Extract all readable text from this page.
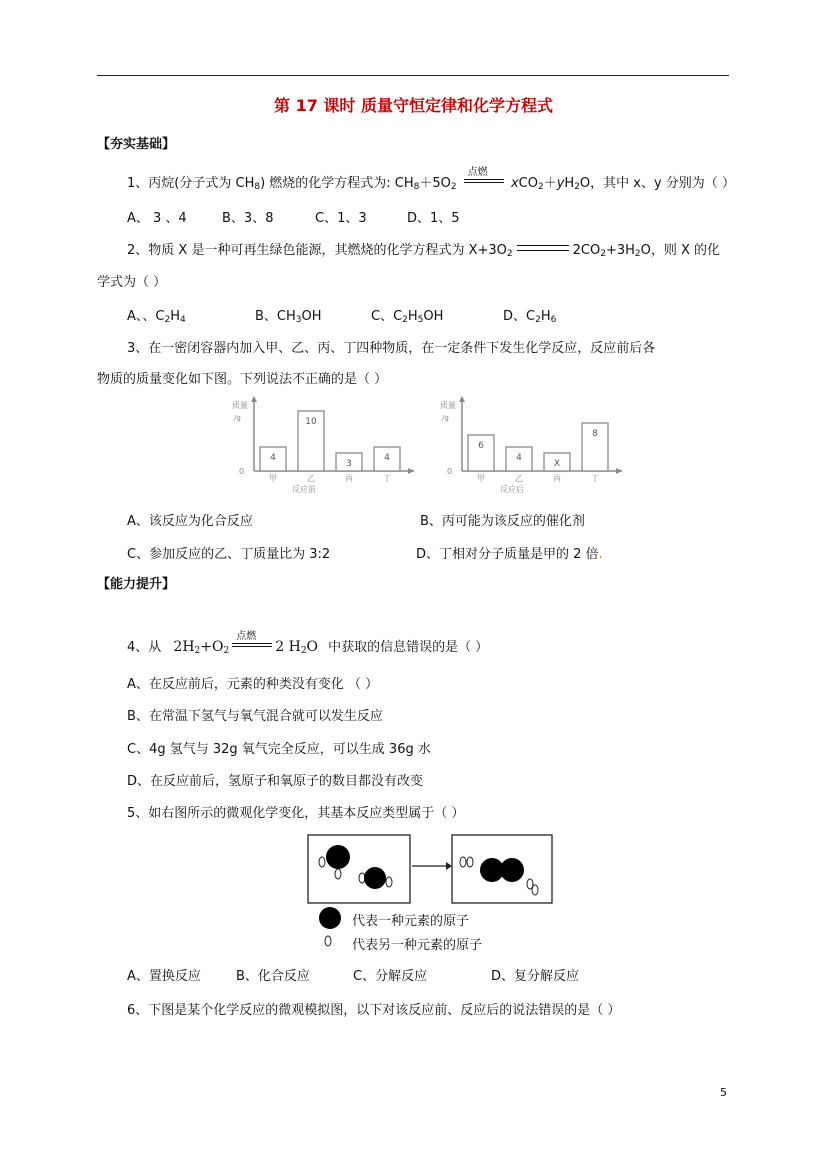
第 17 课时 质量守恒定律和化学方程式
【夯实基础】
1、丙烷(分子式为 $CH_8$) 燃烧的化学方程式为: $CH_8+5O_2$
点燃
$xCO_2+yH_2O$，其中 x、y 分别为（ ）
A、 3 、4	B、3、8	C、1、3	D、1、5
2、物质 X 是一种可再生绿色能源，其燃烧的化学方程式为 $X+3O_2$	$2CO_2+3H_2O$，则 X 的化
学式为（ ）
A、、$C_2H_4$	B、$CH_3OH$	C、$C_2H_5OH$	D、$C_2H_6$
3、在一密闭容器内加入甲、乙、丙、丁四种物质，在一定条件下发生化学反应，反应前后各
物质的质量变化如下图。下列说法不正确的是（ ）
质量
/g
0
4
甲
10
乙
3
丙
4
丁
反应前
质量
/g
0
6
甲
4
乙
X
丙
8
丁
反应后
A、该反应为化合反应	B、丙可能为该反应的催化剂
C、参加反应的乙、丁质量比为 3:2	D、丁相对分子质量是甲的 2 倍.
【能力提升】
4、从 $2H_2+O_2$
点燃
2 $H_2O$ 中获取的信息错误的是（ ）
A、在反应前后，元素的种类没有变化 （ ）
B、在常温下氢气与氧气混合就可以发生反应
C、4g 氢气与 32g 氧气完全反应，可以生成 36g 水
D、在反应前后，氢原子和氧原子的数目都没有改变
5、如右图所示的微观化学变化，其基本反应类型属于（ ）
代表一种元素的原子
代表另一种元素的原子
A、置换反应	B、化合反应	C、分解反应	D、复分解反应
6、下图是某个化学反应的微观模拟图，以下对该反应前、反应后的说法错误的是（ ）
5
